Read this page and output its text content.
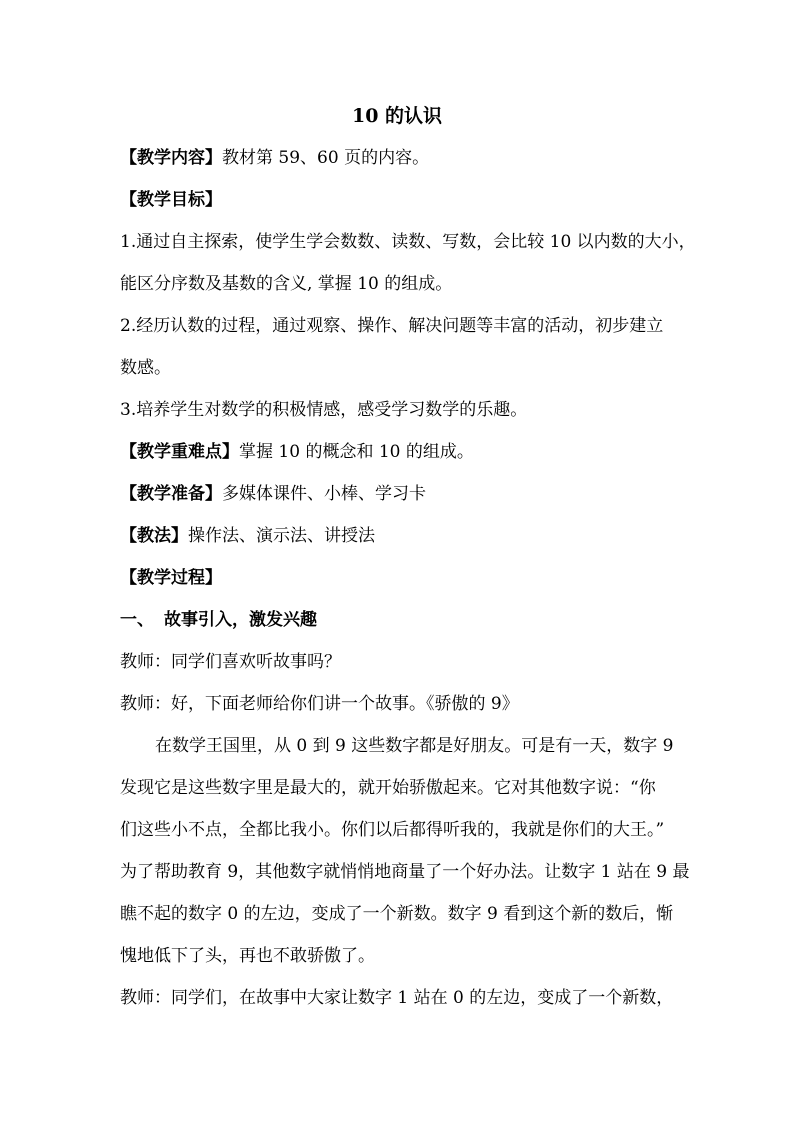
10 的认识
【教学内容】教材第 59、60 页的内容。
【教学目标】
1.通过自主探索，使学生学会数数、读数、写数，会比较 10 以内数的大小，
能区分序数及基数的含义, 掌握 10 的组成。
2.经历认数的过程，通过观察、操作、解决问题等丰富的活动，初步建立
数感。
3.培养学生对数学的积极情感，感受学习数学的乐趣。
【教学重难点】掌握 10 的概念和 10 的组成。
【教学准备】多媒体课件、小棒、学习卡
【教法】操作法、演示法、讲授法
【教学过程】
一、 故事引入，激发兴趣
教师：同学们喜欢听故事吗？
教师：好，下面老师给你们讲一个故事。《骄傲的 9》
在数学王国里，从 0 到 9 这些数字都是好朋友。可是有一天，数字 9
发现它是这些数字里是最大的，就开始骄傲起来。它对其他数字说：“你
们这些小不点，全都比我小。你们以后都得听我的，我就是你们的大王。”
为了帮助教育 9，其他数字就悄悄地商量了一个好办法。让数字 1 站在 9 最
瞧不起的数字 0 的左边，变成了一个新数。数字 9 看到这个新的数后，惭
愧地低下了头，再也不敢骄傲了。
教师：同学们，在故事中大家让数字 1 站在 0 的左边，变成了一个新数，
